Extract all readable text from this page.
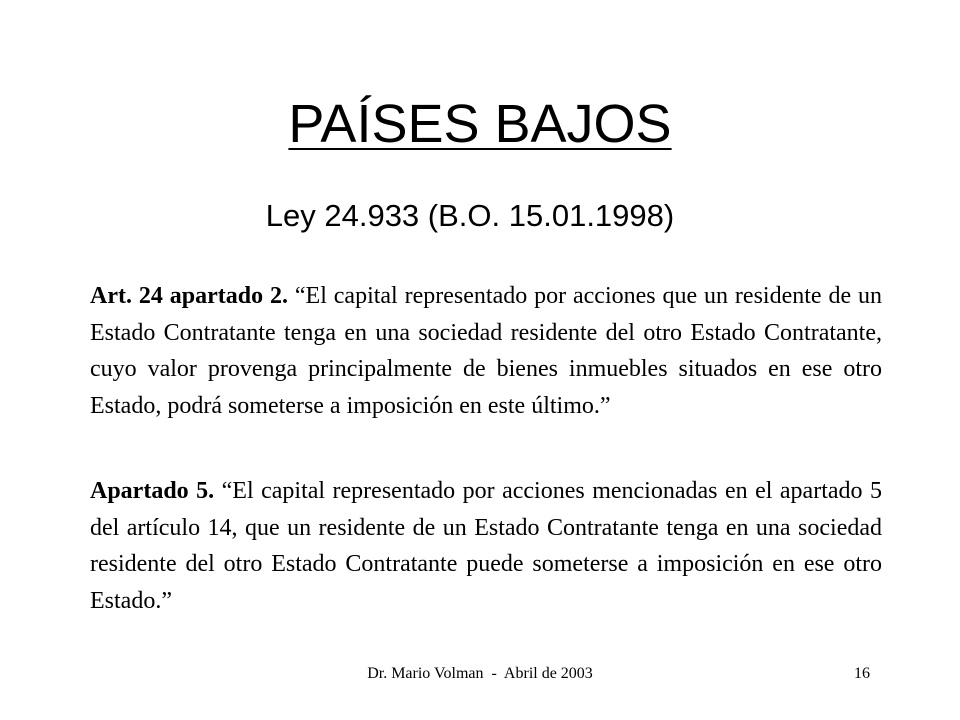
PAÍSES BAJOS
Ley 24.933 (B.O. 15.01.1998)
Art. 24 apartado 2. “El capital representado por acciones que un residente de un Estado Contratante tenga en una sociedad residente del otro Estado Contratante, cuyo valor provenga principalmente de bienes inmuebles situados en ese otro Estado, podrá someterse a imposición en este último.”
Apartado 5. “El capital representado por acciones mencionadas en el apartado 5 del artículo 14, que un residente de un Estado Contratante tenga en una sociedad residente del otro Estado Contratante puede someterse a imposición en ese otro Estado.”
Dr. Mario Volman  -  Abril de 2003	16
